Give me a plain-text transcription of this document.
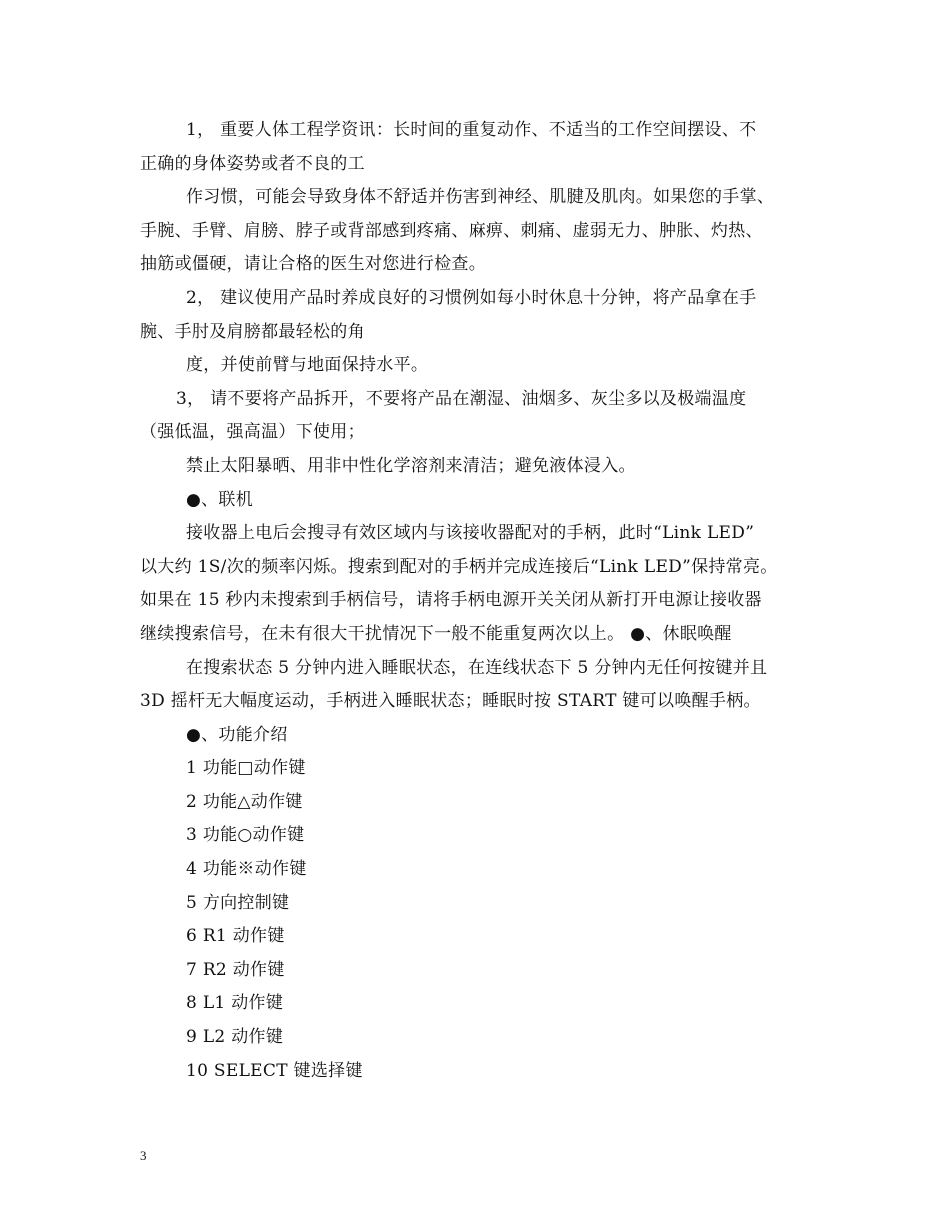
1， 重要人体工程学资讯：长时间的重复动作、不适当的工作空间摆设、不
正确的身体姿势或者不良的工
作习惯，可能会导致身体不舒适并伤害到神经、肌腱及肌肉。如果您的手掌、
手腕、手臂、肩膀、脖子或背部感到疼痛、麻痹、刺痛、虚弱无力、肿胀、灼热、
抽筋或僵硬，请让合格的医生对您进行检查。
2， 建议使用产品时养成良好的习惯例如每小时休息十分钟，将产品拿在手
腕、手肘及肩膀都最轻松的角
度，并使前臂与地面保持水平。
3， 请不要将产品拆开，不要将产品在潮湿、油烟多、灰尘多以及极端温度
（强低温，强高温）下使用；
禁止太阳暴晒、用非中性化学溶剂来清洁；避免液体浸入。
●、联机
接收器上电后会搜寻有效区域内与该接收器配对的手柄，此时“Link LED”
以大约 1S/次的频率闪烁。搜索到配对的手柄并完成连接后“Link LED”保持常亮。
如果在 15 秒内未搜索到手柄信号，请将手柄电源开关关闭从新打开电源让接收器
继续搜索信号，在未有很大干扰情况下一般不能重复两次以上。 ●、休眠唤醒
在搜索状态 5 分钟内进入睡眠状态，在连线状态下 5 分钟内无任何按键并且
3D 摇杆无大幅度运动，手柄进入睡眠状态；睡眠时按 START 键可以唤醒手柄。
●、功能介绍
1 功能□动作键
2 功能△动作键
3 功能○动作键
4 功能※动作键
5 方向控制键
6 R1 动作键
7 R2 动作键
8 L1 动作键
9 L2 动作键
10 SELECT 键选择键
3
